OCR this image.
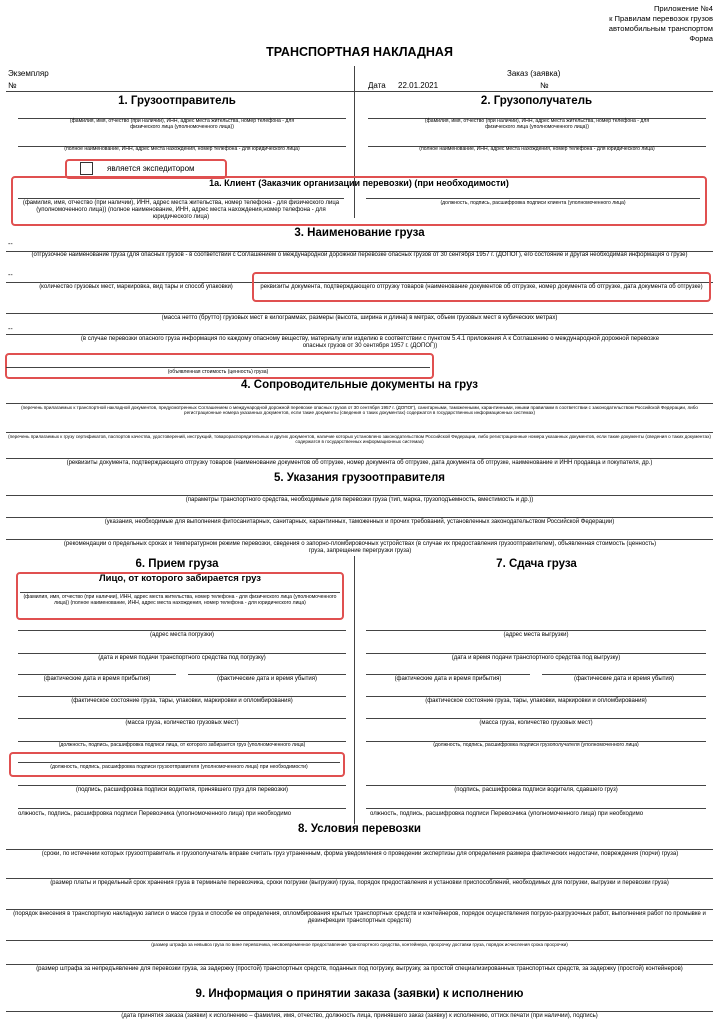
Приложение №4
к Правилам перевозок грузов
автомобильным транспортом
Форма
ТРАНСПОРТНАЯ НАКЛАДНАЯ
Экземпляр
№
Заказ (заявка)
Дата 22.01.2021	№
1. Грузоотправитель	2. Грузополучатель
(фамилия, имя, отчество (при наличии), ИНН, адрес места жительства, номер телефона - для физического лица (уполномоченного лица))
(полное наименование, ИНН, адрес места нахождения, номер телефона - для юридического лица)
(фамилия, имя, отчество (при наличии), ИНН, адрес места жительства, номер телефона - для физического лица (уполномоченного лица))
(полное наименование, ИНН, адрес места нахождения, номер телефона - для юридического лица)
является экспедитором
1а. Клиент (Заказчик организации перевозки) (при необходимости)
(фамилия, имя, отчество (при наличии), ИНН, адрес места жительства, номер телефона - для физического лица (уполномоченного лица)) (полное наименование, ИНН, адрес места нахождения,номер телефона - для юридического лица)
(должность, подпись, расшифровка подписи клиента (уполномоченного лица)
3. Наименование груза
--
(отгрузочное наименование груза (для опасных грузов - в соответствии с Соглашением о международной дорожной перевозке опасных грузов от 30 сентября 1957 г. (ДОПОГ), его состояние и другая необходимая информация о грузе)
--
(количество грузовых мест, маркировка, вид тары и способ упаковки)	реквизиты документа, подтверждающего отгрузку товаров (наименование документов об отгрузке, номер документа об отгрузке, дата документа об отгрузке)
(масса нетто (брутто) грузовых мест в килограммах, размеры (высота, ширина и длина) в метрах, объем грузовых мест в кубических метрах)
--
(в случае перевозки опасного груза информация по каждому опасному веществу, материалу или изделию в соответствии с пунктом 5.4.1 приложения А к Соглашению о международной дорожной перевозке опасных грузов от 30 сентября 1957 г. (ДОПОГ))
(объявленная стоимость (ценность) груза)
4. Сопроводительные документы на груз
(перечень прилагаемых к транспортной накладной документов, предусмотренных Соглашением о международной дорожной перевозке опасных грузов от 30 сентября 1957 г. (ДОПОГ), санитарными, таможенными, карантинными, иными правилами в соответствии с законодательством Российской Федерации, либо регистрационные номера указанных документов, если такие документы (сведения о таких документах) содержатся в государственных информационных системах)
(перечень прилагаемых к грузу сертификатов, паспортов качества, удостоверений, инструкций, товарораспорядительных и других документов, наличие которых установлено законодательством Российской Федерации, либо регистрационные номера указанных документов, если такие документы (сведения о таких документах) содержатся в государственных информационных системах)
(реквизиты документа, подтверждающего отгрузку товаров (наименование документов об отгрузке, номер документа об отгрузке, дата документа об отгрузке, наименование и ИНН продавца и покупателя, др.)
5. Указания грузоотправителя
(параметры транспортного средства, необходимые для перевозки груза (тип, марка, грузоподъемность, вместимость и др.))
(указания, необходимые для выполнения фитосанитарных, санитарных, карантинных, таможенных и прочих требований, установленных законодательством Российской Федерации)
(рекомендации о предельных сроках и температурном режиме перевозки, сведения о запорно-пломбировочных устройствах (в случае их предоставления грузоотправителем), объявленная стоимость (ценность) груза, запрещение перегрузки груза)
6. Прием груза	7. Сдача груза
Лицо, от которого забирается груз
(фамилия, имя, отчество (при наличии), ИНН, адрес места жительства, номер телефона - для физического лица (уполномоченного лица)) (полное наименование, ИНН, адрес места нахождения, номер телефона - для юридического лица)
(адрес места погрузки)
(дата и время подачи транспортного средства под погрузку)
(фактические дата и время прибытия)	(фактические дата и время убытия)
(фактическое состояние груза, тары, упаковки, маркировки и опломбирования)
(масса груза, количество грузовых мест)
(должность, подпись, расшифровка подписи лица, от которого забирается груз (уполномоченного лица)
(должность, подпись, расшифровка подписи грузоотправителя (уполномоченного лица) при необходимости)
(подпись, расшифровка подписи водителя, принявшего груз для перевозки)
олжность, подпись, расшифровка подписи Перевозчика (уполномоченного лица) при необходимо
(адрес места выгрузки)
(дата и время подачи транспортного средства под выгрузку)
(фактические дата и время прибытия)	(фактические дата и время убытия)
(фактическое состояние груза, тары, упаковки, маркировки и опломбирования)
(масса груза, количество грузовых мест)
(должность, подпись, расшифровка подписи грузополучателя (уполномоченного лица)
(подпись, расшифровка подписи водителя, сдавшего груз)
олжность, подпись, расшифровка подписи Перевозчика (уполномоченного лица) при необходимо
8. Условия перевозки
(сроки, по истечении которых грузоотправитель и грузополучатель вправе считать груз утраненным, форма уведомления о проведении экспертизы для определения размера фактических недостачи, повреждения (порчи) груза)
(размер платы и предельный срок хранения груза в терминале перевозчика, сроки погрузки (выгрузки) груза, порядок предоставления и установки приспособлений, необходимых для погрузки, выгрузки и перевозки груза)
(порядок внесения в транспортную накладную записи о массе груза и способе ее определения, опломбирования крытых транспортных средств и контейнеров, порядок осуществления погрузо-разгрузочных работ, выполнения работ по промывке и дезинфекции транспортных средств)
(размер штрафа за невывоз груза по вине перевозчика, несвоевременное предоставление транспортного средства, контейнера, просрочку доставки груза, порядок исчисления срока просрочки)
(размер штрафа за непредъявление для перевозки груза, за задержку (простой) транспортных средств, поданных под погрузку, выгрузку, за простой специализированных транспортных средств, за задержку (простой) контейнеров)
9. Информация о принятии заказа (заявки) к исполнению
(дата принятия заказа (заявки) к исполнению – фамилия, имя, отчество, должность лица, принявшего заказ (заявку) к исполнению, оттиск печати (при наличии), подпись)
